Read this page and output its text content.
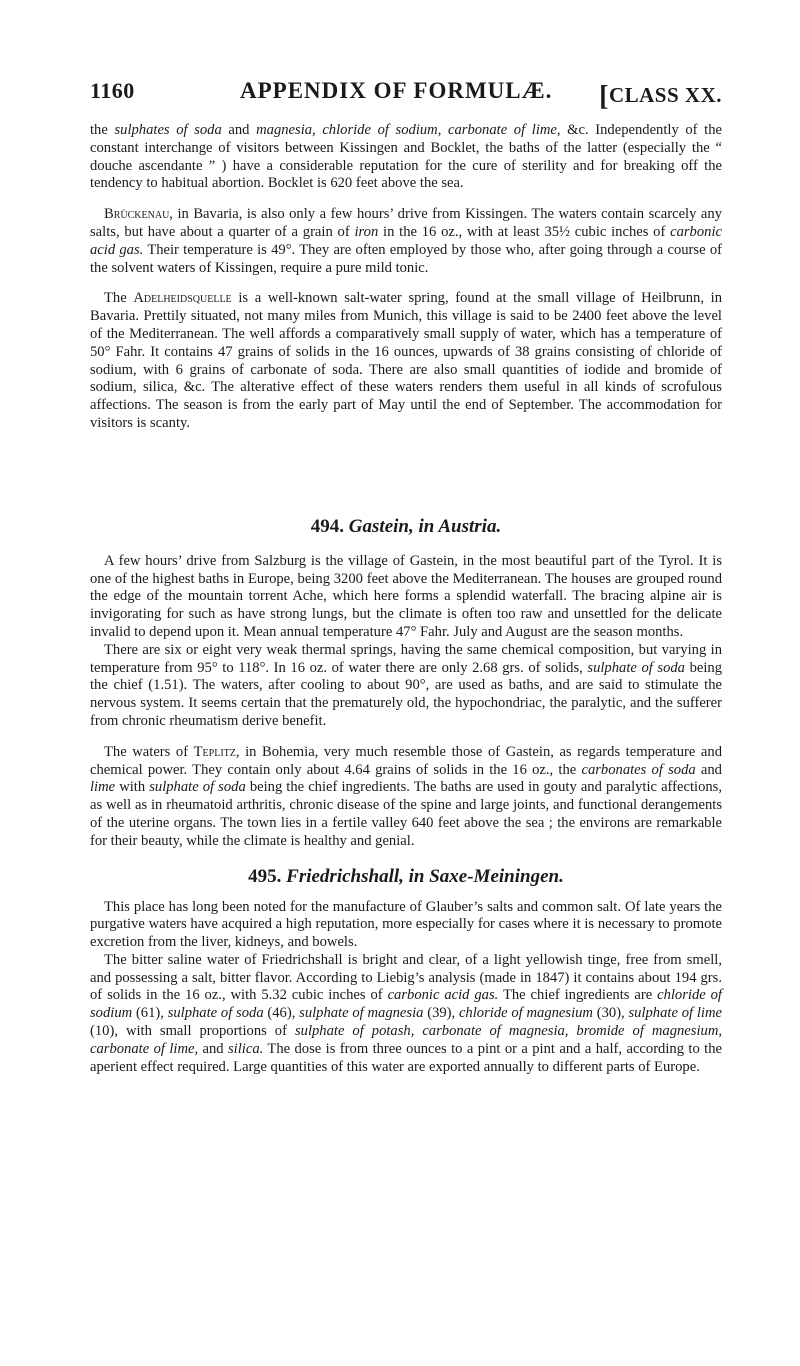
1160	APPENDIX OF FORMULÆ. [CLASS XX.

the sulphates of soda and magnesia, chloride of sodium, carbonate of lime, &c. Independently of the constant interchange of visitors between Kissingen and Bocklet, the baths of the latter (especially the “ douche ascendante ” ) have a considerable reputation for the cure of sterility and for breaking off the tendency to habitual abortion. Bocklet is 620 feet above the sea.

Brückenau, in Bavaria, is also only a few hours’ drive from Kissingen. The waters contain scarcely any salts, but have about a quarter of a grain of iron in the 16 oz., with at least 35½ cubic inches of carbonic acid gas. Their temperature is 49°. They are often employed by those who, after going through a course of the solvent waters of Kissingen, require a pure mild tonic.

The Adelheidsquelle is a well-known salt-water spring, found at the small village of Heilbrunn, in Bavaria. Prettily situated, not many miles from Munich, this village is said to be 2400 feet above the level of the Mediterranean. The well affords a comparatively small supply of water, which has a temperature of 50° Fahr. It contains 47 grains of solids in the 16 ounces, upwards of 38 grains consisting of chloride of sodium, with 6 grains of carbonate of soda. There are also small quantities of iodide and bromide of sodium, silica, &c. The alterative effect of these waters renders them useful in all kinds of scrofulous affections. The season is from the early part of May until the end of September. The accommodation for visitors is scanty.

494. Gastein, in Austria.

A few hours’ drive from Salzburg is the village of Gastein, in the most beautiful part of the Tyrol. It is one of the highest baths in Europe, being 3200 feet above the Mediterranean. The houses are grouped round the edge of the mountain torrent Ache, which here forms a splendid waterfall. The bracing alpine air is invigorating for such as have strong lungs, but the climate is often too raw and unsettled for the delicate invalid to depend upon it. Mean annual temperature 47° Fahr. July and August are the season months.

There are six or eight very weak thermal springs, having the same chemical composition, but varying in temperature from 95° to 118°. In 16 oz. of water there are only 2.68 grs. of solids, sulphate of soda being the chief (1.51). The waters, after cooling to about 90°, are used as baths, and are said to stimulate the nervous system. It seems certain that the prematurely old, the hypochondriac, the paralytic, and the sufferer from chronic rheumatism derive benefit.

The waters of Teplitz, in Bohemia, very much resemble those of Gastein, as regards temperature and chemical power. They contain only about 4.64 grains of solids in the 16 oz., the carbonates of soda and lime with sulphate of soda being the chief ingredients. The baths are used in gouty and paralytic affections, as well as in rheumatoid arthritis, chronic disease of the spine and large joints, and functional derangements of the uterine organs. The town lies in a fertile valley 640 feet above the sea ; the environs are remarkable for their beauty, while the climate is healthy and genial.

495. Friedrichshall, in Saxe-Meiningen.

This place has long been noted for the manufacture of Glauber’s salts and common salt. Of late years the purgative waters have acquired a high reputation, more especially for cases where it is necessary to promote excretion from the liver, kidneys, and bowels.

The bitter saline water of Friedrichshall is bright and clear, of a light yellowish tinge, free from smell, and possessing a salt, bitter flavor. According to Liebig’s analysis (made in 1847) it contains about 194 grs. of solids in the 16 oz., with 5.32 cubic inches of carbonic acid gas. The chief ingredients are chloride of sodium (61), sulphate of soda (46), sulphate of magnesia (39), chloride of magnesium (30), sulphate of lime (10), with small proportions of sulphate of potash, carbonate of magnesia, bromide of magnesium, carbonate of lime, and silica. The dose is from three ounces to a pint or a pint and a half, according to the aperient effect required. Large quantities of this water are exported annually to different parts of Europe.
